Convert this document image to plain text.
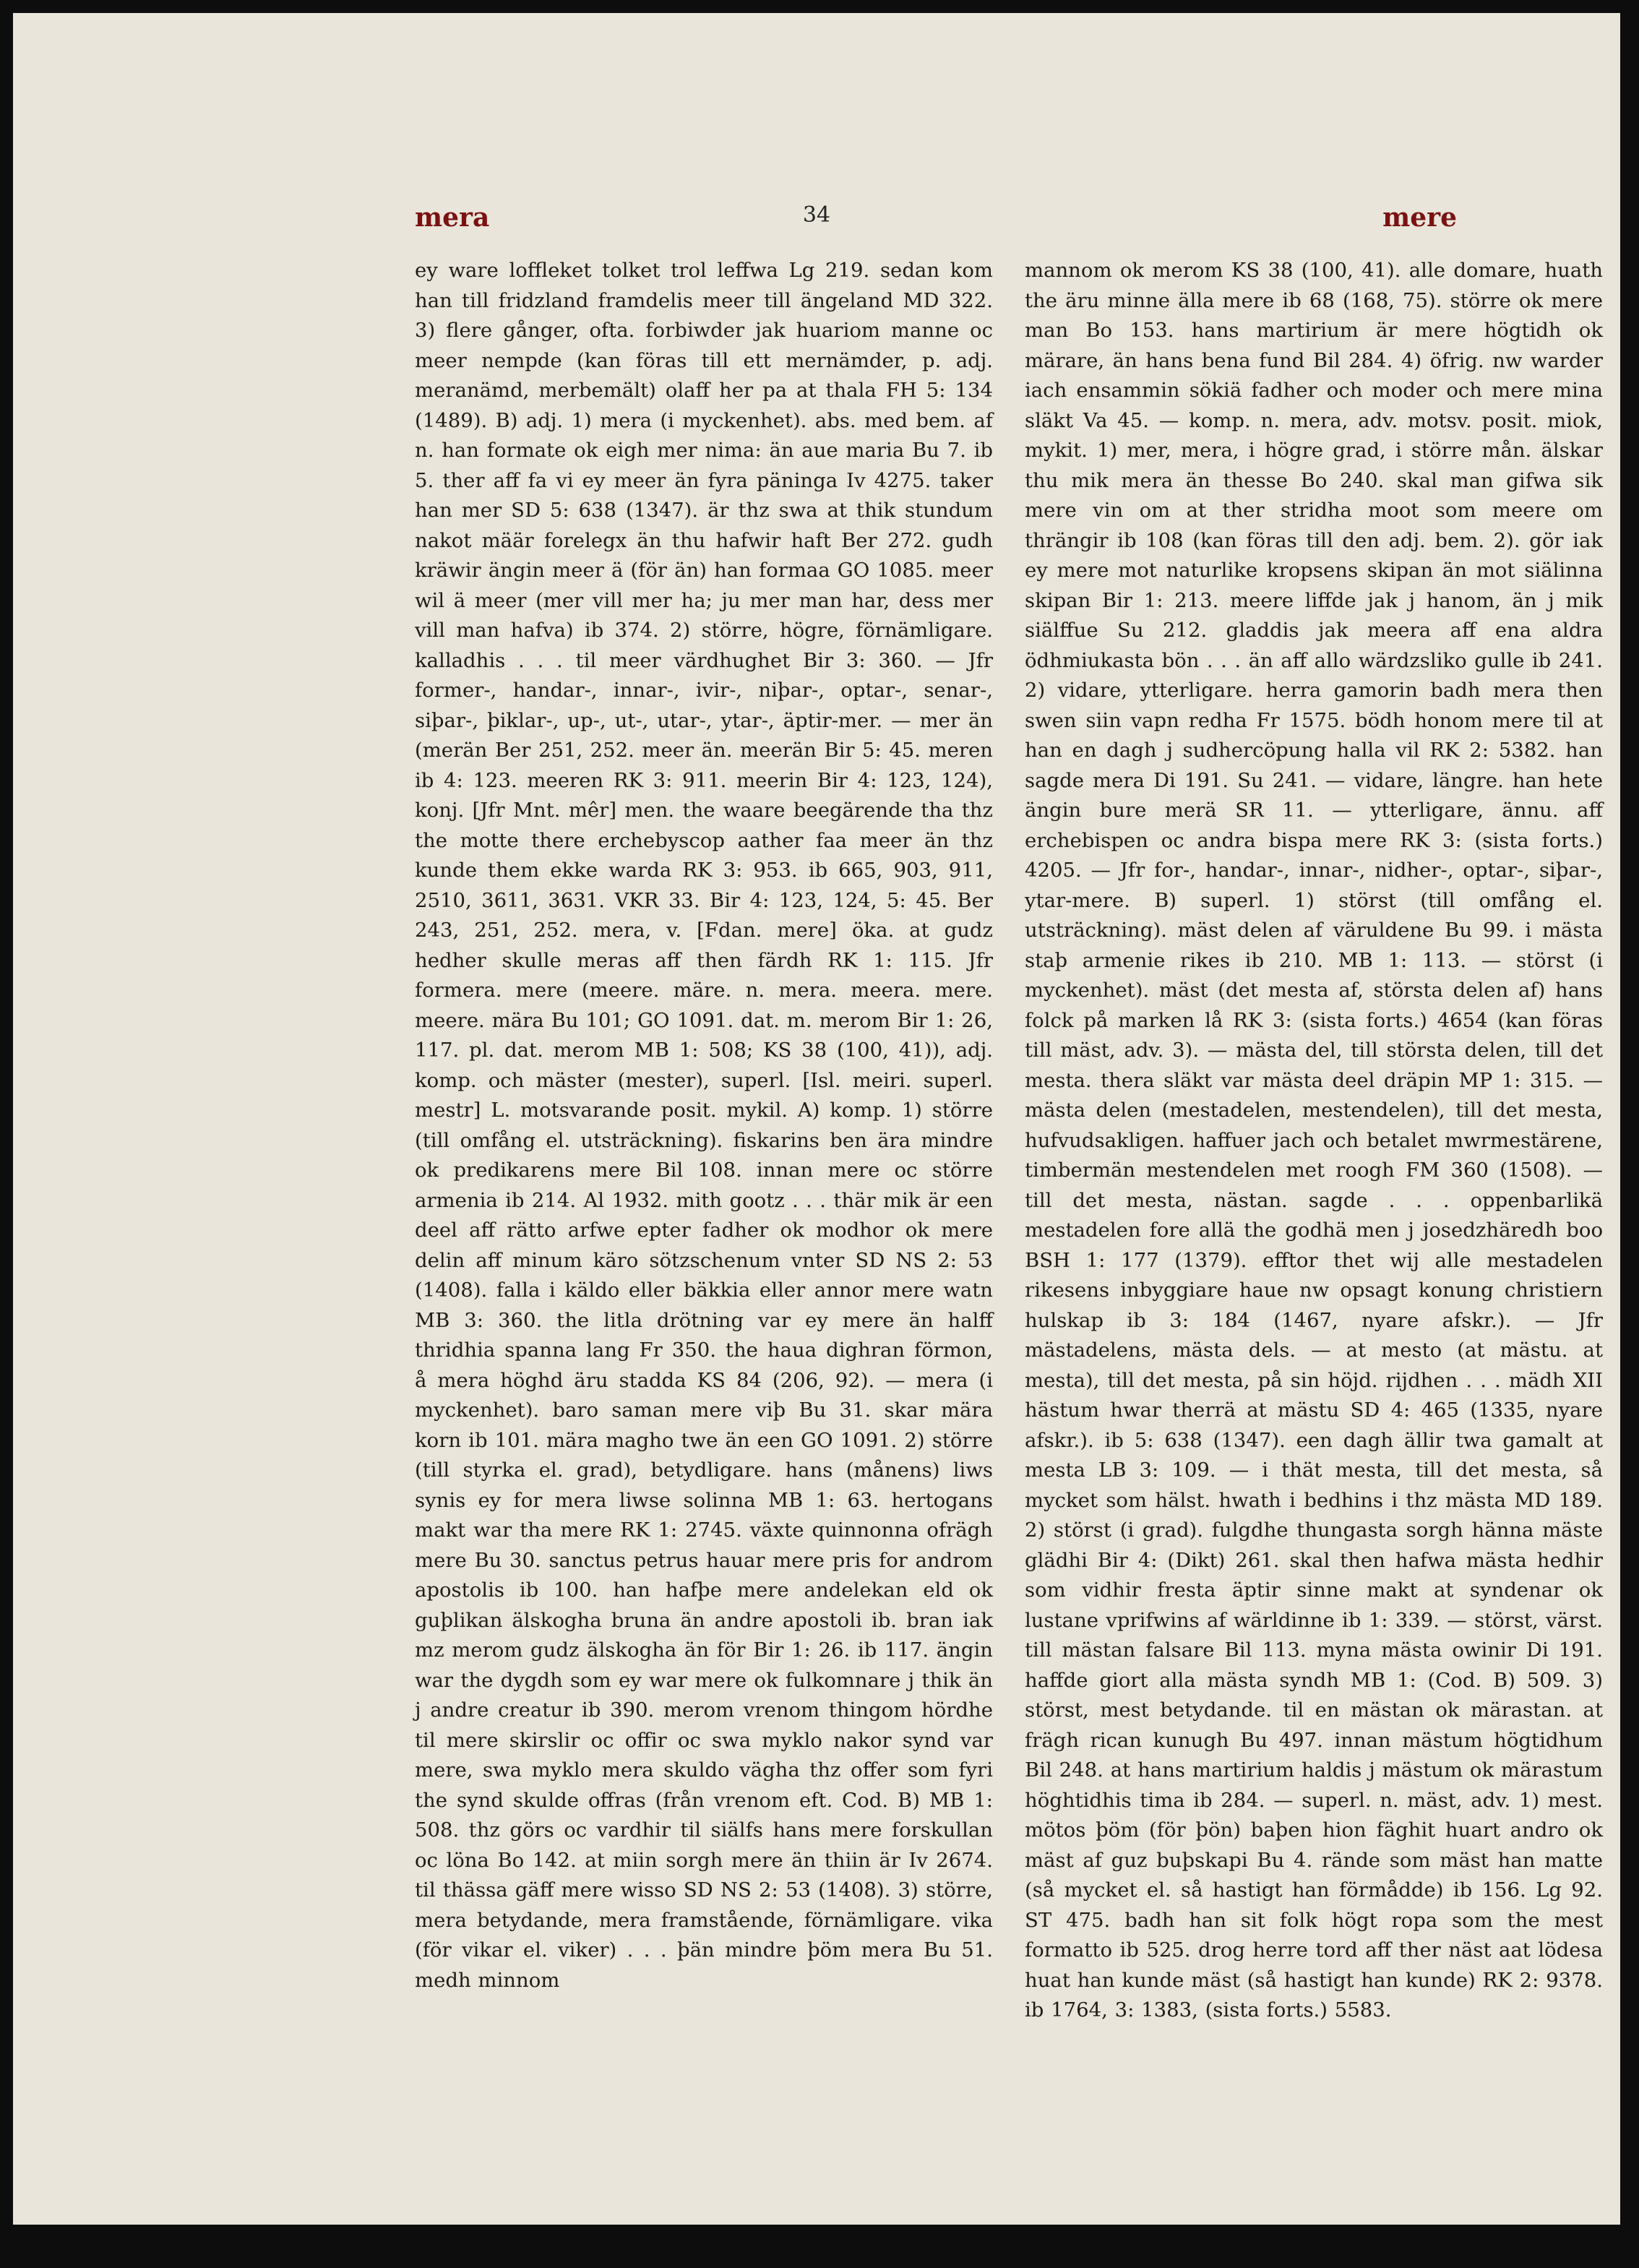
mera	34	mere

ey ware loffleket tolket trol leffwa Lg 219. sedan kom han till fridzland framdelis meer till ängeland MD 322. 3) flere gånger, ofta. forbiwder jak huariom manne oc meer nempde (kan föras till ett mernämder, p. adj. meranämd, merbemält) olaff her pa at thala FH 5: 134 (1489). B) adj. 1) mera (i myckenhet). abs. med bem. af n. han formate ok eigh mer nima: än aue maria Bu 7. ib 5. ther aff fa vi ey meer än fyra päninga Iv 4275. taker han mer SD 5: 638 (1347). är thz swa at thik stundum nakot määr forelegx än thu hafwir haft Ber 272. gudh kräwir ängin meer ä (för än) han formaa GO 1085. meer wil ä meer (mer vill mer ha; ju mer man har, dess mer vill man hafva) ib 374. 2) större, högre, förnämligare. kalladhis . . . til meer värdhughet Bir 3: 360. — Jfr former-, handar-, innar-, ivir-, niþar-, optar-, senar-, siþar-, þiklar-, up-, ut-, utar-, ytar-, äptir-mer. — mer än (merän Ber 251, 252. meer än. meerän Bir 5: 45. meren ib 4: 123. meeren RK 3: 911. meerin Bir 4: 123, 124), konj. [Jfr Mnt. mêr] men. the waare beegärende tha thz the motte there erchebyscop aather faa meer än thz kunde them ekke warda RK 3: 953. ib 665, 903, 911, 2510, 3611, 3631. VKR 33. Bir 4: 123, 124, 5: 45. Ber 243, 251, 252. mera, v. [Fdan. mere] öka. at gudz hedher skulle meras aff then färdh RK 1: 115. Jfr formera. mere (meere. märe. n. mera. meera. mere. meere. mära Bu 101; GO 1091. dat. m. merom Bir 1: 26, 117. pl. dat. merom MB 1: 508; KS 38 (100, 41)), adj. komp. och mäster (mester), superl. [Isl. meiri. superl. mestr] L. motsvarande posit. mykil. A) komp. 1) större (till omfång el. utsträckning). fiskarins ben ära mindre ok predikarens mere Bil 108. innan mere oc större armenia ib 214. Al 1932. mith gootz . . . thär mik är een deel aff rätto arfwe epter fadher ok modhor ok mere delin aff minum käro sötzschenum vnter SD NS 2: 53 (1408). falla i käldo eller bäkkia eller annor mere watn MB 3: 360. the litla drötning var ey mere än halff thridhia spanna lang Fr 350. the haua dighran förmon, å mera höghd äru stadda KS 84 (206, 92). — mera (i myckenhet). baro saman mere viþ Bu 31. skar mära korn ib 101. mära magho twe än een GO 1091. 2) större (till styrka el. grad), betydligare. hans (månens) liws synis ey for mera liwse solinna MB 1: 63. hertogans makt war tha mere RK 1: 2745. växte quinnonna ofrägh mere Bu 30. sanctus petrus hauar mere pris for androm apostolis ib 100. han hafþe mere andelekan eld ok guþlikan älskogha bruna än andre apostoli ib. bran iak mz merom gudz älskogha än för Bir 1: 26. ib 117. ängin war the dygdh som ey war mere ok fulkomnare j thik än j andre creatur ib 390. merom vrenom thingom hördhe til mere skirslir oc offir oc swa myklo nakor synd var mere, swa myklo mera skuldo vägha thz offer som fyri the synd skulde offras (från vrenom eft. Cod. B) MB 1: 508. thz görs oc vardhir til siälfs hans mere forskullan oc löna Bo 142. at miin sorgh mere än thiin är Iv 2674. til thässa gäff mere wisso SD NS 2: 53 (1408). 3) större, mera betydande, mera framstående, förnämligare. vika (för vikar el. viker) . . . þän mindre þöm mera Bu 51. medh minnom

mannom ok merom KS 38 (100, 41). alle domare, huath the äru minne älla mere ib 68 (168, 75). större ok mere man Bo 153. hans martirium är mere högtidh ok märare, än hans bena fund Bil 284. 4) öfrig. nw warder iach ensammin sökiä fadher och moder och mere mina släkt Va 45. — komp. n. mera, adv. motsv. posit. miok, mykit. 1) mer, mera, i högre grad, i större mån. älskar thu mik mera än thesse Bo 240. skal man gifwa sik mere vin om at ther stridha moot som meere om thrängir ib 108 (kan föras till den adj. bem. 2). gör iak ey mere mot naturlike kropsens skipan än mot siälinna skipan Bir 1: 213. meere liffde jak j hanom, än j mik siälffue Su 212. gladdis jak meera aff ena aldra ödhmiukasta bön . . . än aff allo wärdzsliko gulle ib 241. 2) vidare, ytterligare. herra gamorin badh mera then swen siin vapn redha Fr 1575. bödh honom mere til at han en dagh j sudhercöpung halla vil RK 2: 5382. han sagde mera Di 191. Su 241. — vidare, längre. han hete ängin bure merä SR 11. — ytterligare, ännu. aff erchebispen oc andra bispa mere RK 3: (sista forts.) 4205. — Jfr for-, handar-, innar-, nidher-, optar-, siþar-, ytar-mere. B) superl. 1) störst (till omfång el. utsträckning). mäst delen af väruldene Bu 99. i mästa staþ armenie rikes ib 210. MB 1: 113. — störst (i myckenhet). mäst (det mesta af, största delen af) hans folck på marken lå RK 3: (sista forts.) 4654 (kan föras till mäst, adv. 3). — mästa del, till största delen, till det mesta. thera släkt var mästa deel dräpin MP 1: 315. — mästa delen (mestadelen, mestendelen), till det mesta, hufvudsakligen. haffuer jach och betalet mwrmestärene, timbermän mestendelen met roogh FM 360 (1508). — till det mesta, nästan. sagde . . . oppenbarlikä mestadelen fore allä the godhä men j josedzhäredh boo BSH 1: 177 (1379). efftor thet wij alle mestadelen rikesens inbyggiare haue nw opsagt konung christiern hulskap ib 3: 184 (1467, nyare afskr.). — Jfr mästadelens, mästa dels. — at mesto (at mästu. at mesta), till det mesta, på sin höjd. rijdhen . . . mädh XII hästum hwar therrä at mästu SD 4: 465 (1335, nyare afskr.). ib 5: 638 (1347). een dagh ällir twa gamalt at mesta LB 3: 109. — i thät mesta, till det mesta, så mycket som hälst. hwath i bedhins i thz mästa MD 189. 2) störst (i grad). fulgdhe thungasta sorgh hänna mäste glädhi Bir 4: (Dikt) 261. skal then hafwa mästa hedhir som vidhir fresta äptir sinne makt at syndenar ok lustane vprifwins af wärldinne ib 1: 339. — störst, värst. till mästan falsare Bil 113. myna mästa owinir Di 191. haffde giort alla mästa syndh MB 1: (Cod. B) 509. 3) störst, mest betydande. til en mästan ok märastan. at frägh rican kunugh Bu 497. innan mästum högtidhum Bil 248. at hans martirium haldis j mästum ok märastum höghtidhis tima ib 284. — superl. n. mäst, adv. 1) mest. mötos þöm (för þön) baþen hion fäghit huart andro ok mäst af guz buþskapi Bu 4. rände som mäst han matte (så mycket el. så hastigt han förmådde) ib 156. Lg 92. ST 475. badh han sit folk högt ropa som the mest formatto ib 525. drog herre tord aff ther näst aat lödesa huat han kunde mäst (så hastigt han kunde) RK 2: 9378. ib 1764, 3: 1383, (sista forts.) 5583.
